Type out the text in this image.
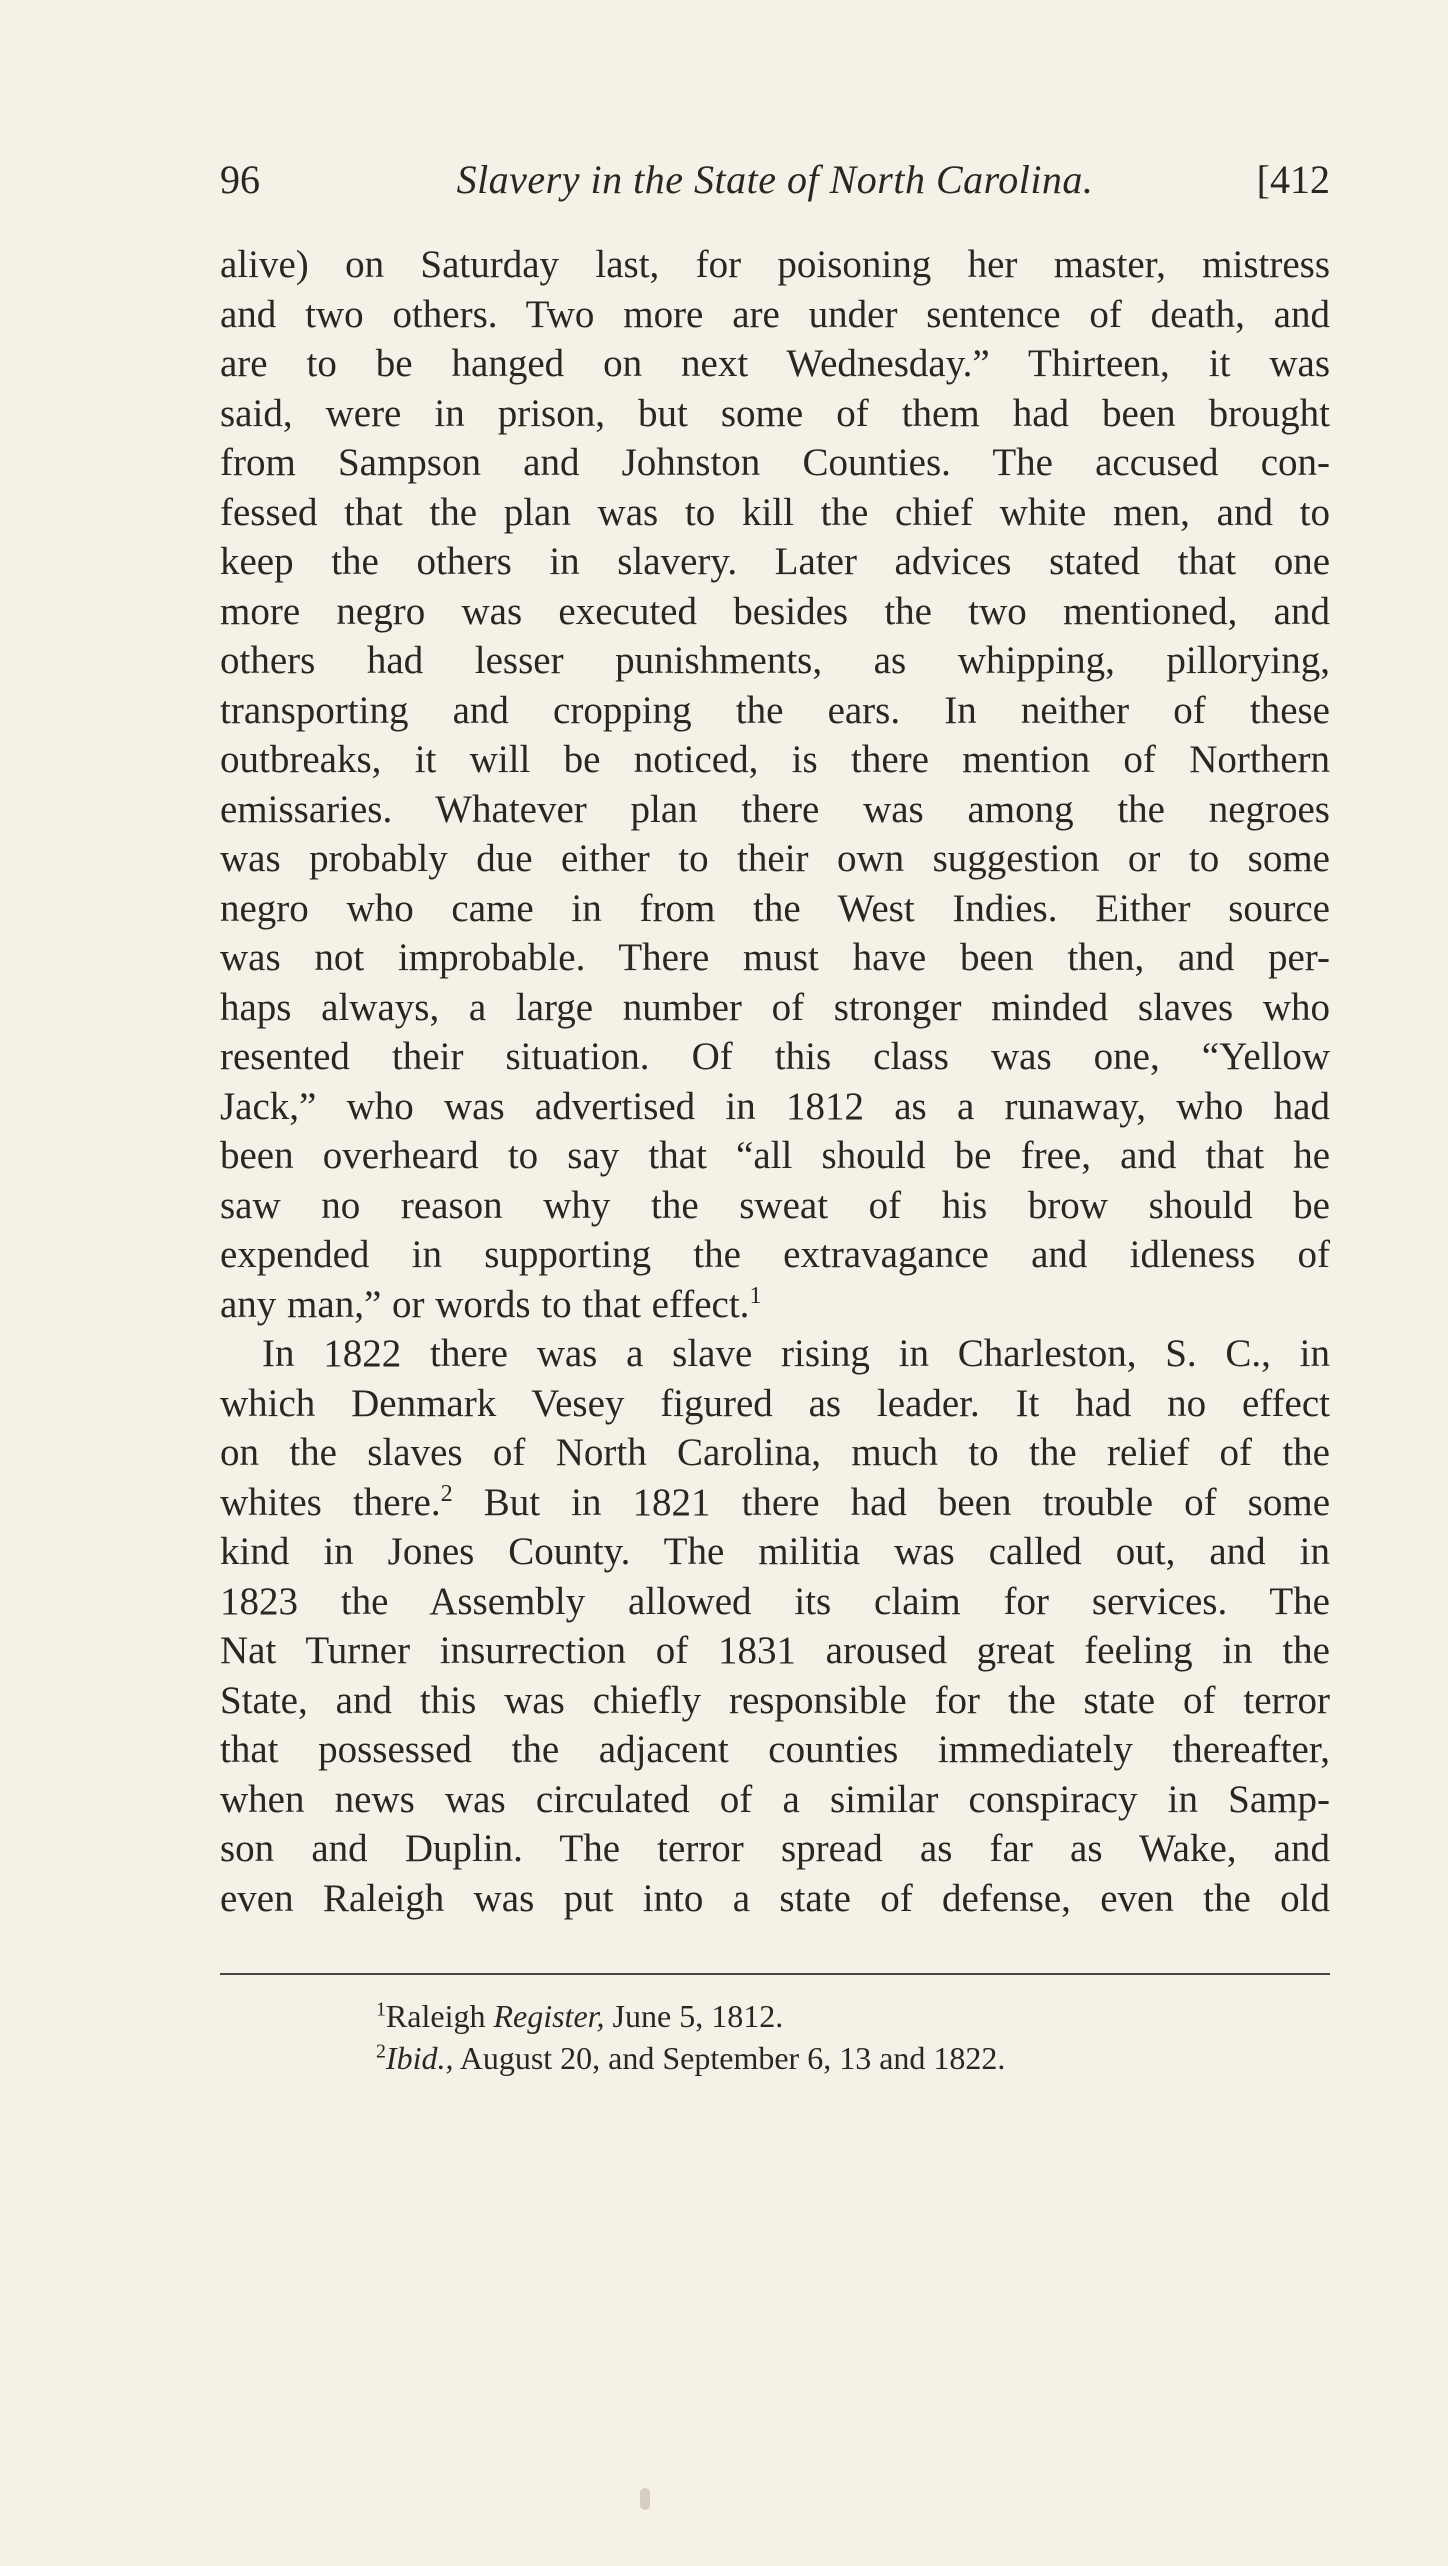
96	Slavery in the State of North Carolina.	[412
alive) on Saturday last, for poisoning her master, mistress
and two others. Two more are under sentence of death, and
are to be hanged on next Wednesday.” Thirteen, it was
said, were in prison, but some of them had been brought
from Sampson and Johnston Counties. The accused con-
fessed that the plan was to kill the chief white men, and to
keep the others in slavery. Later advices stated that one
more negro was executed besides the two mentioned, and
others had lesser punishments, as whipping, pillorying,
transporting and cropping the ears. In neither of these
outbreaks, it will be noticed, is there mention of Northern
emissaries. Whatever plan there was among the negroes
was probably due either to their own suggestion or to some
negro who came in from the West Indies. Either source
was not improbable. There must have been then, and per-
haps always, a large number of stronger minded slaves who
resented their situation. Of this class was one, “Yellow
Jack,” who was advertised in 1812 as a runaway, who had
been overheard to say that “all should be free, and that he
saw no reason why the sweat of his brow should be
expended in supporting the extravagance and idleness of
any man,” or words to that effect.$^1$
In 1822 there was a slave rising in Charleston, S. C., in
which Denmark Vesey figured as leader. It had no effect
on the slaves of North Carolina, much to the relief of the
whites there.$^2$ But in 1821 there had been trouble of some
kind in Jones County. The militia was called out, and in
1823 the Assembly allowed its claim for services. The
Nat Turner insurrection of 1831 aroused great feeling in the
State, and this was chiefly responsible for the state of terror
that possessed the adjacent counties immediately thereafter,
when news was circulated of a similar conspiracy in Samp-
son and Duplin. The terror spread as far as Wake, and
even Raleigh was put into a state of defense, even the old
$^1$Raleigh Register, June 5, 1812.
$^2$Ibid., August 20, and September 6, 13 and 1822.
